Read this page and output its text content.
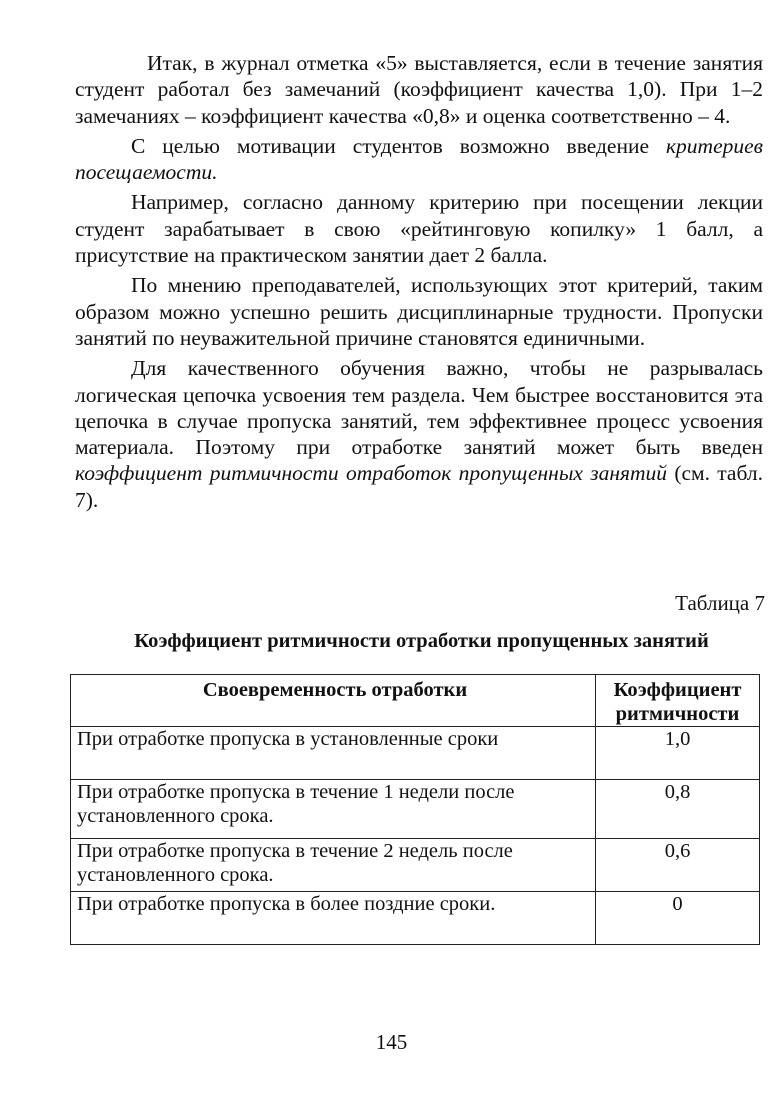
Итак, в журнал отметка «5» выставляется, если в течение занятия студент работал без замечаний (коэффициент качества 1,0). При 1–2 замечаниях – коэффициент качества «0,8» и оценка соответственно – 4.

С целью мотивации студентов возможно введение критериев посещаемости.

Например, согласно данному критерию при посещении лекции студент зарабатывает в свою «рейтинговую копилку» 1 балл, а присутствие на практическом занятии дает 2 балла.

По мнению преподавателей, использующих этот критерий, таким образом можно успешно решить дисциплинарные трудности. Пропуски занятий по неуважительной причине становятся единичными.

Для качественного обучения важно, чтобы не разрывалась логическая цепочка усвоения тем раздела. Чем быстрее восстановится эта цепочка в случае пропуска занятий, тем эффективнее процесс усвоения материала. Поэтому при отработке занятий может быть введен коэффициент ритмичности отработок пропущенных занятий (см. табл. 7).

Таблица 7
Коэффициент ритмичности отработки пропущенных занятий
Своевременность отработки	Коэффициент ритмичности
При отработке пропуска в установленные сроки	1,0
При отработке пропуска в течение 1 недели после установленного срока.	0,8
При отработке пропуска в течение 2 недель после установленного срока.	0,6
При отработке пропуска в более поздние сроки.	0
145
